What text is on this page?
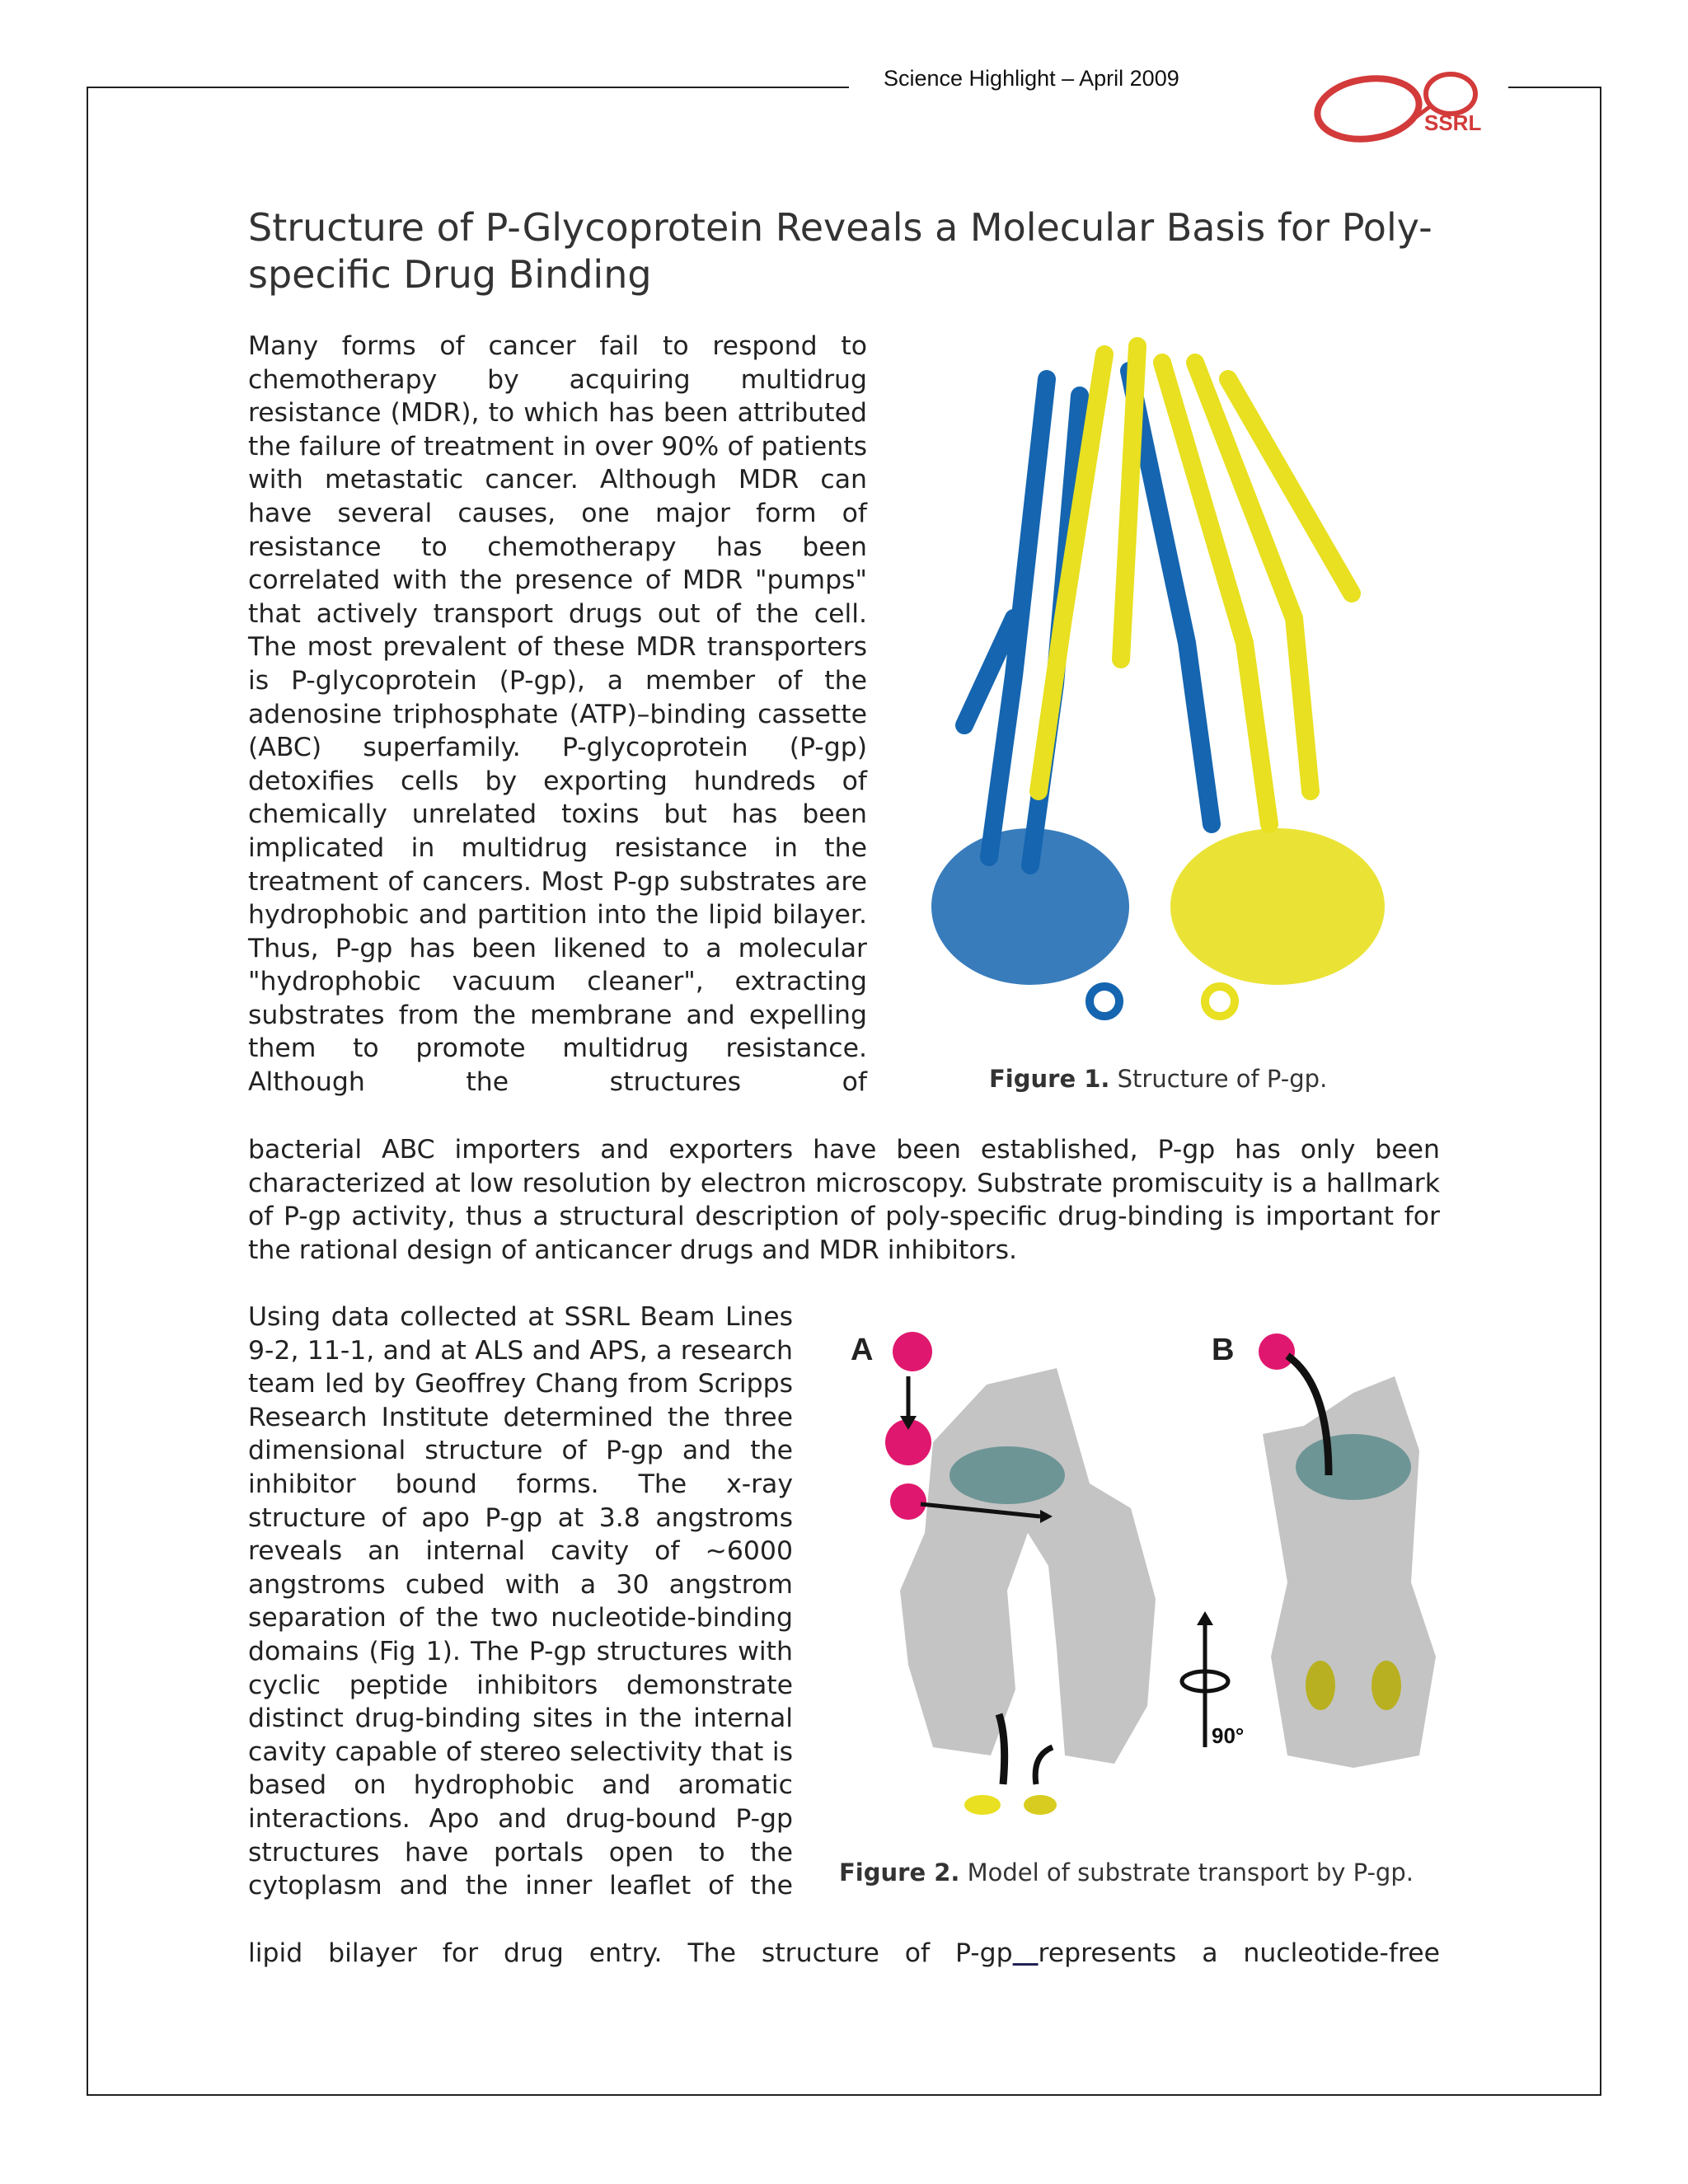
Science Highlight – April 2009
SSRL
Structure of P-Glycoprotein Reveals a Molecular Basis for Poly-specific Drug Binding

Many forms of cancer fail to respond to chemotherapy by acquiring multidrug resistance (MDR), to which has been attributed the failure of treatment in over 90% of patients with metastatic cancer. Although MDR can have several causes, one major form of resistance to chemotherapy has been correlated with the presence of MDR "pumps" that actively transport drugs out of the cell. The most prevalent of these MDR transporters is P-glycoprotein (P-gp), a member of the adenosine triphosphate (ATP)–binding cassette (ABC) superfamily. P-glycoprotein (P-gp) detoxifies cells by exporting hundreds of chemically unrelated toxins but has been implicated in multidrug resistance in the treatment of cancers. Most P-gp substrates are hydrophobic and partition into the lipid bilayer. Thus, P-gp has been likened to a molecular "hydrophobic vacuum cleaner", extracting substrates from the membrane and expelling them to promote multidrug resistance. Although the structures of

bacterial ABC importers and exporters have been established, P-gp has only been characterized at low resolution by electron microscopy. Substrate promiscuity is a hallmark of P-gp activity, thus a structural description of poly-specific drug-binding is important for the rational design of anticancer drugs and MDR inhibitors.

Figure 1. Structure of P-gp.

Using data collected at SSRL Beam Lines 9-2, 11-1, and at ALS and APS, a research team led by Geoffrey Chang from Scripps Research Institute determined the three dimensional structure of P-gp and the inhibitor bound forms. The x-ray structure of apo P-gp at 3.8 angstroms reveals an internal cavity of ~6000 angstroms cubed with a 30 angstrom separation of the two nucleotide-binding domains (Fig 1). The P-gp structures with cyclic peptide inhibitors demonstrate distinct drug-binding sites in the internal cavity capable of stereo selectivity that is based on hydrophobic and aromatic interactions. Apo and drug-bound P-gp structures have portals open to the cytoplasm and the inner leaflet of the

lipid bilayer for drug entry. The structure of P-gp represents a nucleotide-free

A	B
90°
Figure 2. Model of substrate transport by P-gp.
